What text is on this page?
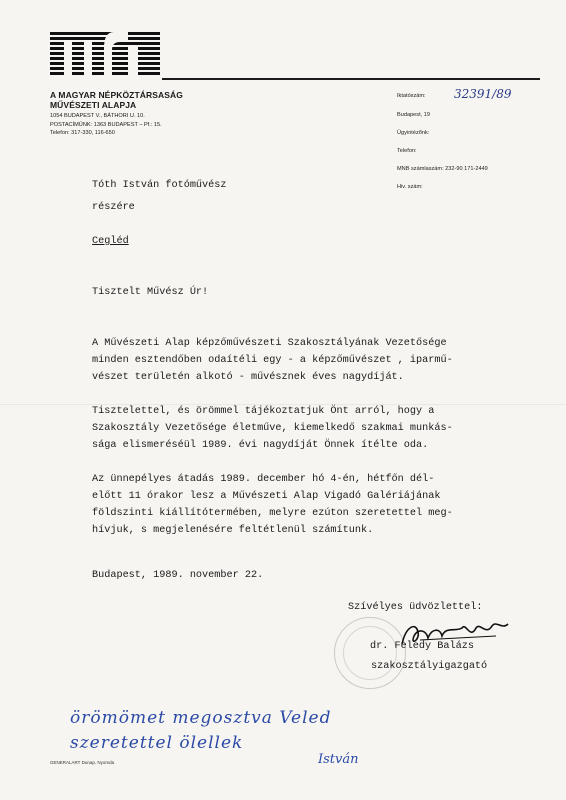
A MAGYAR NÉPKÖZTÁRSASÁG
MŰVÉSZETI ALAPJA
1054 BUDAPEST V., BÁTHORI U. 10.
POSTACÍMÜNK: 1363 BUDAPEST – Pf.: 15.
Telefon: 317-330, 116-650
Iktatószám: 32391/89
Budapest, 19
Ügyintézőnk:
Telefon:
MNB számlaszám: 232-90 171-2449
Hiv. szám:
Tóth István fotóművész
részére
Cegléd
Tisztelt Művész Úr!
A Művészeti Alap képzőművészeti Szakosztályának Vezetősége
minden esztendőben odaítéli egy - a képzőművészet , iparmű-
vészet területén alkotó - művésznek éves nagydíját.
Tisztelettel, és örömmel tájékoztatjuk Önt arról, hogy a
Szakosztály Vezetősége életműve, kiemelkedő szakmai munkás-
sága elismeréséül 1989. évi nagydíját Önnek ítélte oda.
Az ünnepélyes átadás 1989. december hó 4-én, hétfőn dél-
előtt 11 órakor lesz a Művészeti Alap Vigadó Galériájának
földszinti kiállítótermében, melyre ezúton szeretettel meg-
hívjuk, s megjelenésére feltétlenül számítunk.
Budapest, 1989. november 22.
Szívélyes üdvözlettel:
dr. Feledy Balázs
szakosztályigazgató
örömömet megosztva Veled
szeretettel ölellek
István
GENERALART Dunap. Nyomda
